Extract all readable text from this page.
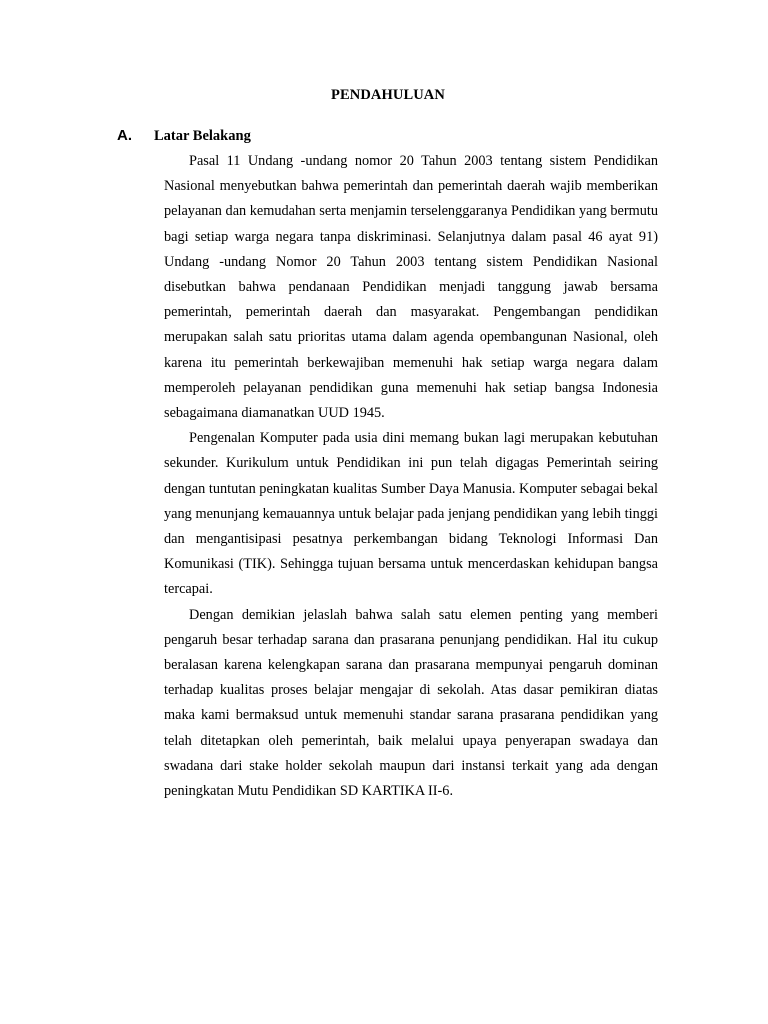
PENDAHULUAN
A. Latar Belakang

Pasal 11 Undang -undang nomor 20 Tahun 2003 tentang sistem Pendidikan Nasional menyebutkan bahwa pemerintah dan pemerintah daerah wajib memberikan pelayanan dan kemudahan serta menjamin terselenggaranya Pendidikan yang bermutu bagi setiap warga negara tanpa diskriminasi. Selanjutnya dalam pasal 46 ayat 91) Undang -undang Nomor 20 Tahun 2003 tentang sistem Pendidikan Nasional disebutkan bahwa pendanaan Pendidikan menjadi tanggung jawab bersama pemerintah, pemerintah daerah dan masyarakat. Pengembangan pendidikan merupakan salah satu prioritas utama dalam agenda opembangunan Nasional, oleh karena itu pemerintah berkewajiban memenuhi hak setiap warga negara dalam memperoleh pelayanan pendidikan guna memenuhi hak setiap bangsa Indonesia sebagaimana diamanatkan UUD 1945.

Pengenalan Komputer pada usia dini memang bukan lagi merupakan kebutuhan sekunder. Kurikulum untuk Pendidikan ini pun telah digagas Pemerintah seiring dengan tuntutan peningkatan kualitas Sumber Daya Manusia. Komputer sebagai bekal yang menunjang kemauannya untuk belajar pada jenjang pendidikan yang lebih tinggi dan mengantisipasi pesatnya perkembangan bidang Teknologi Informasi Dan Komunikasi (TIK). Sehingga tujuan bersama untuk mencerdaskan kehidupan bangsa tercapai.

Dengan demikian jelaslah bahwa salah satu elemen penting yang memberi pengaruh besar terhadap sarana dan prasarana penunjang pendidikan. Hal itu cukup beralasan karena kelengkapan sarana dan prasarana mempunyai pengaruh dominan terhadap kualitas proses belajar mengajar di sekolah. Atas dasar pemikiran diatas maka kami bermaksud untuk memenuhi standar sarana prasarana pendidikan yang telah ditetapkan oleh pemerintah, baik melalui upaya penyerapan swadaya dan swadana dari stake holder sekolah maupun dari instansi terkait yang ada dengan peningkatan Mutu Pendidikan SD KARTIKA II-6.
